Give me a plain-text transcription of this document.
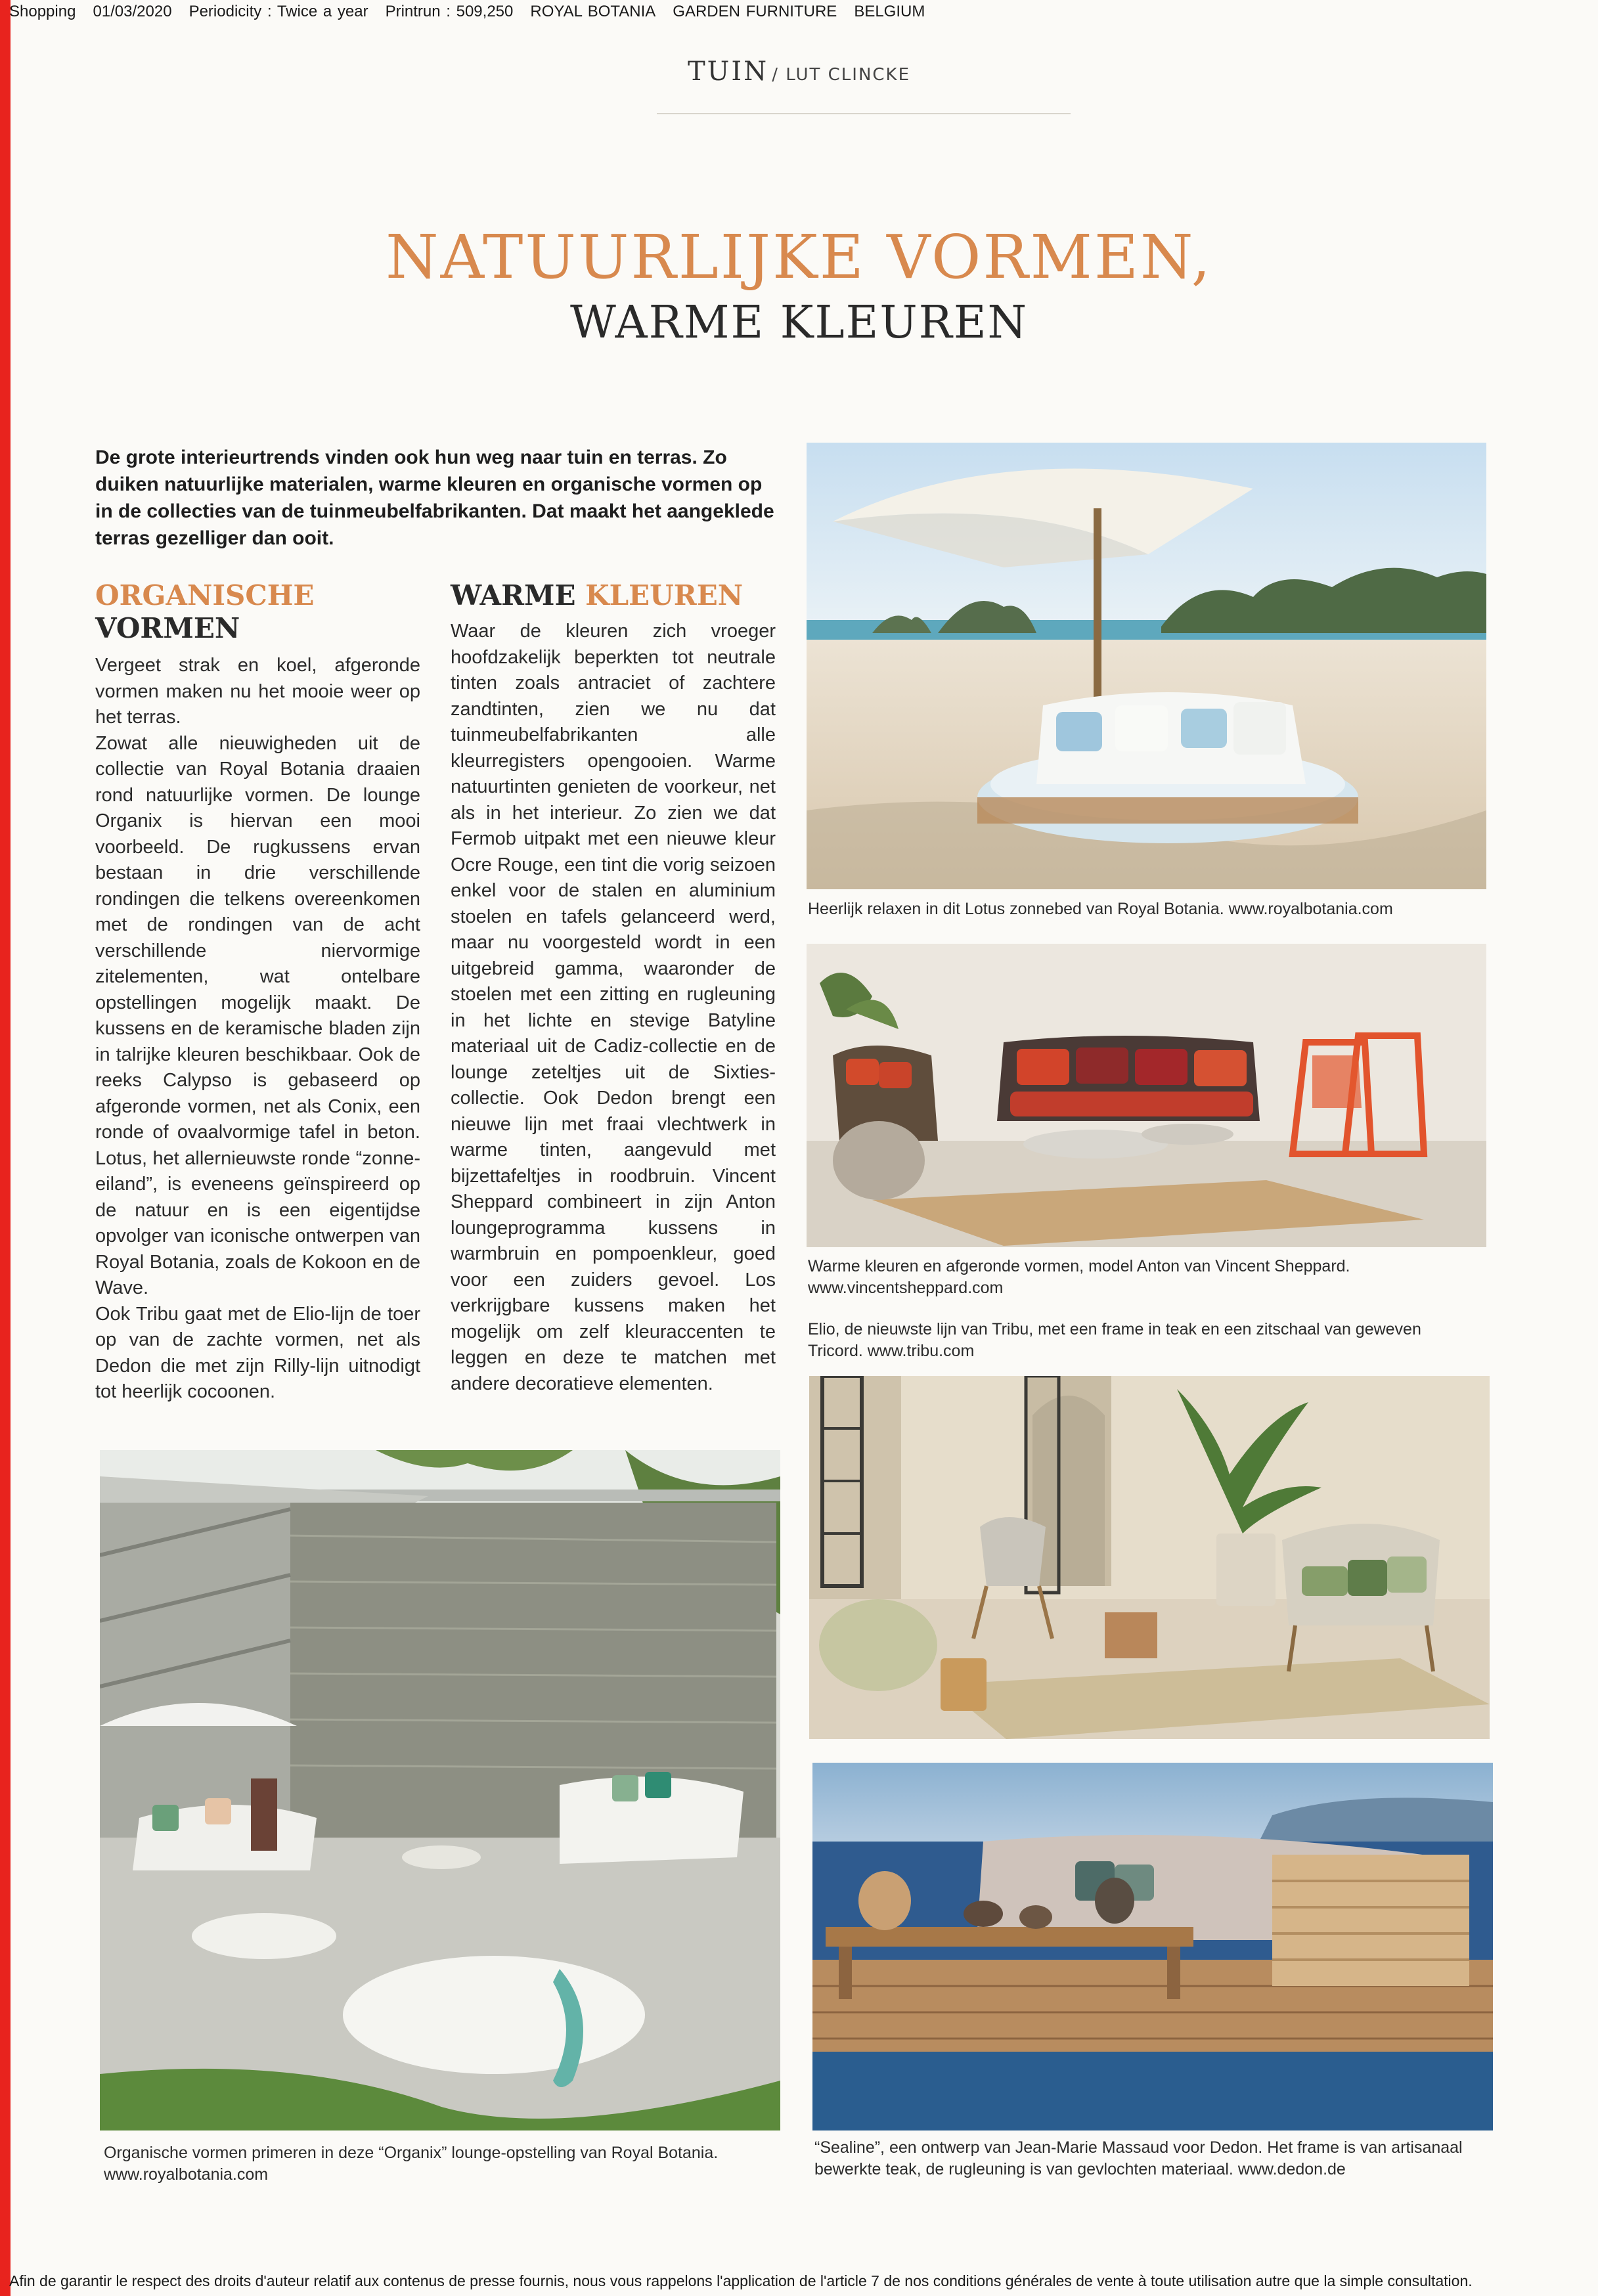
Shopping 01/03/2020 Periodicity : Twice a year Printrun : 509,250 ROYAL BOTANIA GARDEN FURNITURE BELGIUM
TUIN / LUT CLINCKE
NATUURLIJKE VORMEN,
WARME KLEUREN
De grote interieurtrends vinden ook hun weg naar tuin en terras. Zo duiken natuurlijke materialen, warme kleuren en organische vormen op in de collecties van de tuinmeubelfabrikanten. Dat maakt het aangeklede terras gezelliger dan ooit.
ORGANISCHE
VORMEN
WARME KLEUREN

Vergeet strak en koel, afgeronde vormen maken nu het mooie weer op het terras.

Zowat alle nieuwigheden uit de collectie van Royal Botania draaien rond natuurlijke vormen. De lounge Organix is hiervan een mooi voorbeeld. De rugkussens ervan bestaan in drie verschillende rondingen die telkens overeenkomen met de rondingen van de acht verschillende niervormige zitelementen, wat ontelbare opstellingen mogelijk maakt. De kussens en de keramische bladen zijn in talrijke kleuren beschikbaar. Ook de reeks Calypso is gebaseerd op afgeronde vormen, net als Conix, een ronde of ovaalvormige tafel in beton. Lotus, het allernieuwste ronde “zonne-eiland”, is eveneens geïnspireerd op de natuur en is een eigentijdse opvolger van iconische ontwerpen van Royal Botania, zoals de Kokoon en de Wave.

Ook Tribu gaat met de Elio-lijn de toer op van de zachte vormen, net als Dedon die met zijn Rilly-lijn uitnodigt tot heerlijk cocoonen.

Waar de kleuren zich vroeger hoofdzakelijk beperkten tot neutrale tinten zoals antraciet of zachtere zandtinten, zien we nu dat tuinmeubelfabrikanten alle kleurregisters opengooien. Warme natuurtinten genieten de voorkeur, net als in het interieur. Zo zien we dat Fermob uitpakt met een nieuwe kleur Ocre Rouge, een tint die vorig seizoen enkel voor de stalen en aluminium stoelen en tafels gelanceerd werd, maar nu voorgesteld wordt in een uitgebreid gamma, waaronder de stoelen met een zitting en rugleuning in het lichte en stevige Batyline materiaal uit de Cadiz-collectie en de lounge zeteltjes uit de Sixties-collectie. Ook Dedon brengt een nieuwe lijn met fraai vlechtwerk in warme tinten, aangevuld met bijzettafeltjes in roodbruin. Vincent Sheppard combineert in zijn Anton loungeprogramma kussens in warmbruin en pompoenkleur, goed voor een zuiders gevoel. Los verkrijgbare kussens maken het mogelijk om zelf kleuraccenten te leggen en deze te matchen met andere decoratieve elementen.

Heerlijk relaxen in dit Lotus zonnebed van Royal Botania. www.royalbotania.com
Warme kleuren en afgeronde vormen, model Anton van Vincent Sheppard.
www.vincentsheppard.com
Elio, de nieuwste lijn van Tribu, met een frame in teak en een zitschaal van geweven
Tricord. www.tribu.com
Organische vormen primeren in deze “Organix” lounge-opstelling van Royal Botania.
www.royalbotania.com
“Sealine”, een ontwerp van Jean-Marie Massaud voor Dedon. Het frame is van artisanaal
bewerkte teak, de rugleuning is van gevlochten materiaal. www.dedon.de
Afin de garantir le respect des droits d'auteur relatif aux contenus de presse fournis, nous vous rappelons l'application de l'article 7 de nos conditions générales de vente à toute utilisation autre que la simple consultation.
